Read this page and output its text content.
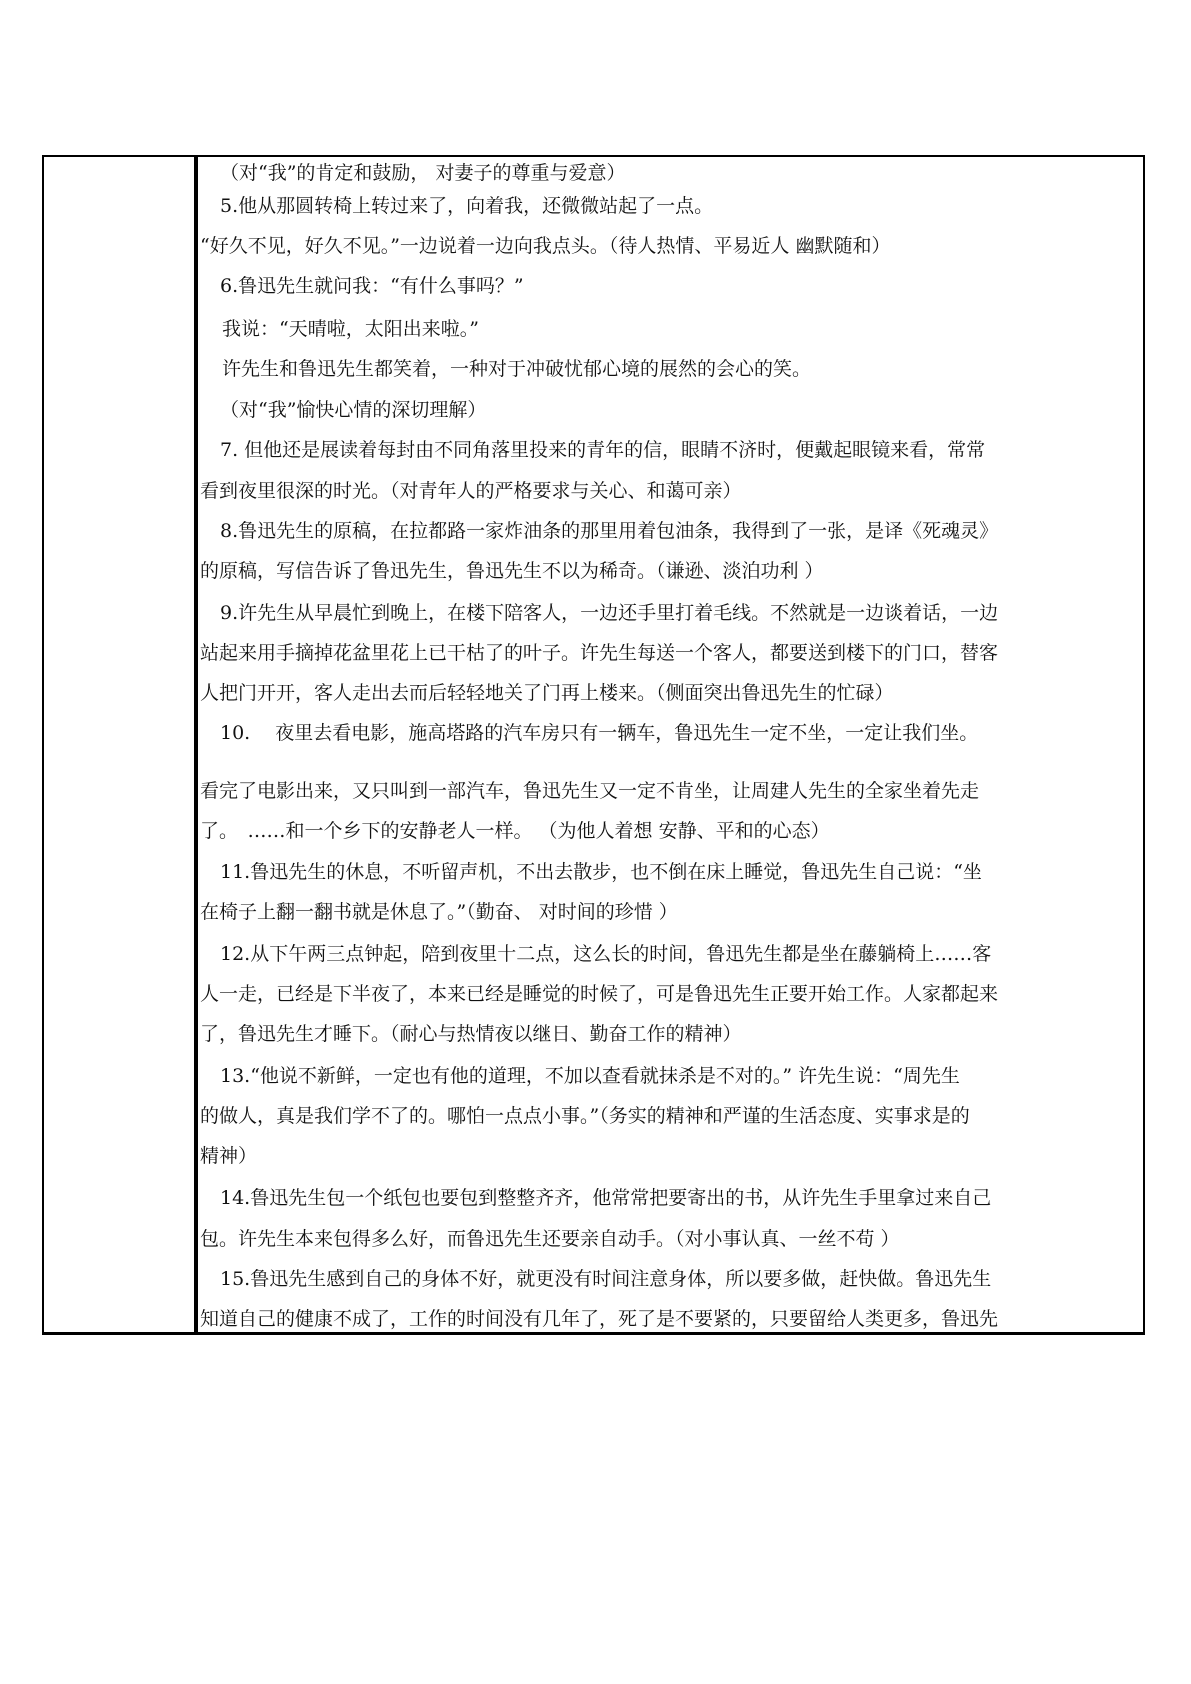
（对“我”的肯定和鼓励， 对妻子的尊重与爱意）

5.他从那圆转椅上转过来了，向着我，还微微站起了一点。

“好久不见，好久不见。”一边说着一边向我点头。（待人热情、平易近人 幽默随和）

6.鲁迅先生就问我：“有什么事吗？”

我说：“天晴啦，太阳出来啦。”

许先生和鲁迅先生都笑着，一种对于冲破忧郁心境的展然的会心的笑。

（对“我”愉快心情的深切理解）

7. 但他还是展读着每封由不同角落里投来的青年的信，眼睛不济时，便戴起眼镜来看，常常

看到夜里很深的时光。（对青年人的严格要求与关心、和蔼可亲）

8.鲁迅先生的原稿，在拉都路一家炸油条的那里用着包油条，我得到了一张，是译《死魂灵》

的原稿，写信告诉了鲁迅先生，鲁迅先生不以为稀奇。（谦逊、淡泊功利 ）

9.许先生从早晨忙到晚上，在楼下陪客人，一边还手里打着毛线。不然就是一边谈着话，一边

站起来用手摘掉花盆里花上已干枯了的叶子。许先生每送一个客人，都要送到楼下的门口，替客

人把门开开，客人走出去而后轻轻地关了门再上楼来。（侧面突出鲁迅先生的忙碌）

10.　 夜里去看电影，施高塔路的汽车房只有一辆车，鲁迅先生一定不坐，一定让我们坐。

看完了电影出来，又只叫到一部汽车，鲁迅先生又一定不肯坐，让周建人先生的全家坐着先走

了。　……和一个乡下的安静老人一样。 （为他人着想 安静、平和的心态）

11.鲁迅先生的休息，不听留声机，不出去散步，也不倒在床上睡觉，鲁迅先生自己说：“坐

在椅子上翻一翻书就是休息了。”（勤奋、 对时间的珍惜 ）

12.从下午两三点钟起，陪到夜里十二点，这么长的时间，鲁迅先生都是坐在藤躺椅上……客

人一走，已经是下半夜了，本来已经是睡觉的时候了，可是鲁迅先生正要开始工作。人家都起来

了，鲁迅先生才睡下。（耐心与热情夜以继日、勤奋工作的精神）

13.“他说不新鲜，一定也有他的道理，不加以查看就抹杀是不对的。” 许先生说：“周先生

的做人，真是我们学不了的。哪怕一点点小事。”（务实的精神和严谨的生活态度、实事求是的

精神）

14.鲁迅先生包一个纸包也要包到整整齐齐，他常常把要寄出的书，从许先生手里拿过来自己

包。许先生本来包得多么好，而鲁迅先生还要亲自动手。（对小事认真、一丝不苟 ）

15.鲁迅先生感到自己的身体不好，就更没有时间注意身体，所以要多做，赶快做。鲁迅先生

知道自己的健康不成了，工作的时间没有几年了，死了是不要紧的，只要留给人类更多，鲁迅先
